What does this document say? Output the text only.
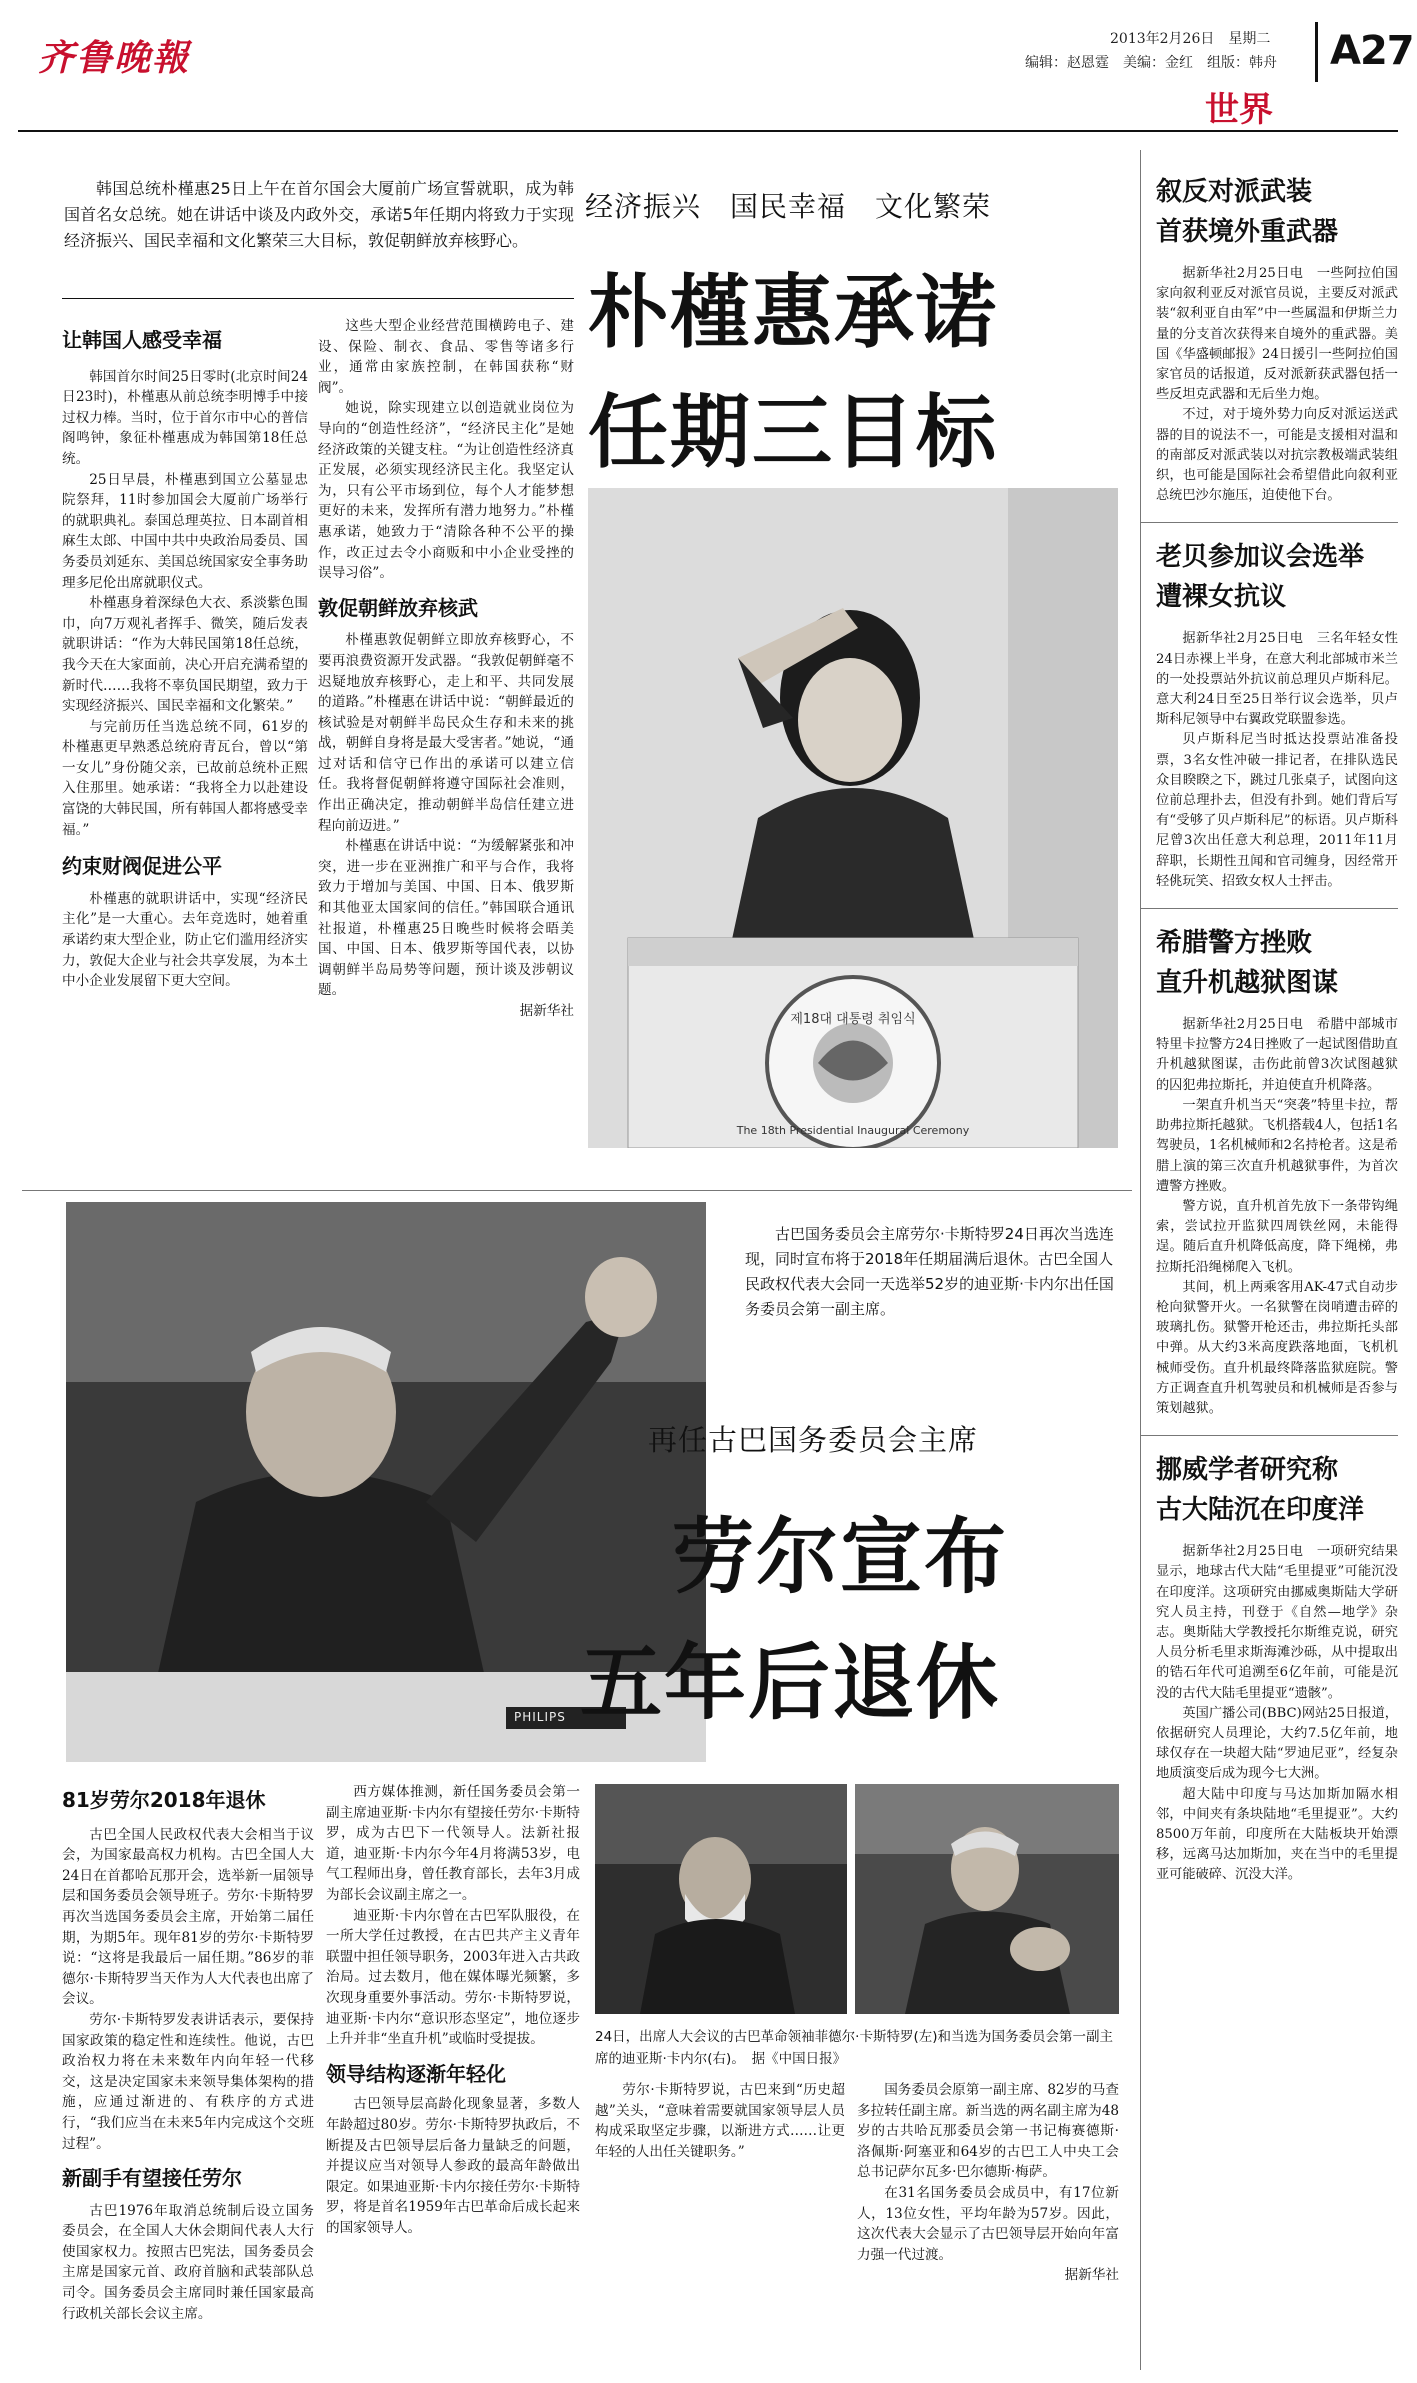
齐鲁晚報	2013年2月26日　星期二
编辑：赵恩霆　美编：金红　组版：韩舟 A27
世界

韩国总统朴槿惠25日上午在首尔国会大厦前广场宣誓就职，成为韩国首名女总统。她在讲话中谈及内政外交，承诺5年任期内将致力于实现经济振兴、国民幸福和文化繁荣三大目标，敦促朝鲜放弃核野心。

经济振兴　国民幸福　文化繁荣
朴槿惠承诺
任期三目标
제18대 대통령 취임식
The 18th Presidential Inaugural Ceremony
让韩国人感受幸福

韩国首尔时间25日零时(北京时间24日23时)，朴槿惠从前总统李明博手中接过权力棒。当时，位于首尔市中心的普信阁鸣钟，象征朴槿惠成为韩国第18任总统。

25日早晨，朴槿惠到国立公墓显忠院祭拜，11时参加国会大厦前广场举行的就职典礼。泰国总理英拉、日本副首相麻生太郎、中国中共中央政治局委员、国务委员刘延东、美国总统国家安全事务助理多尼伦出席就职仪式。

朴槿惠身着深绿色大衣、系淡紫色围巾，向7万观礼者挥手、微笑，随后发表就职讲话：“作为大韩民国第18任总统，我今天在大家面前，决心开启充满希望的新时代……我将不辜负国民期望，致力于实现经济振兴、国民幸福和文化繁荣。”

与完前历任当选总统不同，61岁的朴槿惠更早熟悉总统府青瓦台，曾以“第一女儿”身份随父亲，已故前总统朴正熙入住那里。她承诺：“我将全力以赴建设富饶的大韩民国，所有韩国人都将感受幸福。”

约束财阀促进公平

朴槿惠的就职讲话中，实现“经济民主化”是一大重心。去年竞选时，她着重承诺约束大型企业，防止它们滥用经济实力，敦促大企业与社会共享发展，为本土中小企业发展留下更大空间。

这些大型企业经营范围横跨电子、建设、保险、制衣、食品、零售等诸多行业，通常由家族控制，在韩国获称“财阀”。

她说，除实现建立以创造就业岗位为导向的“创造性经济”，“经济民主化”是她经济政策的关键支柱。“为让创造性经济真正发展，必须实现经济民主化。我坚定认为，只有公平市场到位，每个人才能梦想更好的未来，发挥所有潜力地努力。”朴槿惠承诺，她致力于“清除各种不公平的操作，改正过去令小商贩和中小企业受挫的误导习俗”。

敦促朝鲜放弃核武

朴槿惠敦促朝鲜立即放弃核野心，不要再浪费资源开发武器。“我敦促朝鲜毫不迟疑地放弃核野心，走上和平、共同发展的道路。”朴槿惠在讲话中说：“朝鲜最近的核试验是对朝鲜半岛民众生存和未来的挑战，朝鲜自身将是最大受害者。”她说，“通过对话和信守已作出的承诺可以建立信任。我将督促朝鲜将遵守国际社会准则，作出正确决定，推动朝鲜半岛信任建立进程向前迈进。”

朴槿惠在讲话中说：“为缓解紧张和冲突，进一步在亚洲推广和平与合作，我将致力于增加与美国、中国、日本、俄罗斯和其他亚太国家间的信任。”韩国联合通讯社报道，朴槿惠25日晚些时候将会晤美国、中国、日本、俄罗斯等国代表，以协调朝鲜半岛局势等问题，预计谈及涉朝议题。

据新华社
PHILIPS

古巴国务委员会主席劳尔·卡斯特罗24日再次当选连现，同时宣布将于2018年任期届满后退休。古巴全国人民政权代表大会同一天选举52岁的迪亚斯·卡内尔出任国务委员会第一副主席。

再任古巴国务委员会主席
劳尔宣布
五年后退休
81岁劳尔2018年退休

古巴全国人民政权代表大会相当于议会，为国家最高权力机构。古巴全国人大24日在首都哈瓦那开会，选举新一届领导层和国务委员会领导班子。劳尔·卡斯特罗再次当选国务委员会主席，开始第二届任期，为期5年。现年81岁的劳尔·卡斯特罗说：“这将是我最后一届任期。”86岁的菲德尔·卡斯特罗当天作为人大代表也出席了会议。

劳尔·卡斯特罗发表讲话表示，要保持国家政策的稳定性和连续性。他说，古巴政治权力将在未来数年内向年轻一代移交，这是决定国家未来领导集体架构的措施，应通过渐进的、有秩序的方式进行，“我们应当在未来5年内完成这个交班过程”。

新副手有望接任劳尔

古巴1976年取消总统制后设立国务委员会，在全国人大休会期间代表人大行使国家权力。按照古巴宪法，国务委员会主席是国家元首、政府首脑和武装部队总司令。国务委员会主席同时兼任国家最高行政机关部长会议主席。

西方媒体推测，新任国务委员会第一副主席迪亚斯·卡内尔有望接任劳尔·卡斯特罗，成为古巴下一代领导人。法新社报道，迪亚斯·卡内尔今年4月将满53岁，电气工程师出身，曾任教育部长，去年3月成为部长会议副主席之一。

迪亚斯·卡内尔曾在古巴军队服役，在一所大学任过教授，在古巴共产主义青年联盟中担任领导职务，2003年进入古共政治局。过去数月，他在媒体曝光频繁，多次现身重要外事活动。劳尔·卡斯特罗说，迪亚斯·卡内尔“意识形态坚定”，地位逐步上升并非“坐直升机”或临时受提拔。

领导结构逐渐年轻化

古巴领导层高龄化现象显著，多数人年龄超过80岁。劳尔·卡斯特罗执政后，不断提及古巴领导层后备力量缺乏的问题，并提议应当对领导人参政的最高年龄做出限定。如果迪亚斯·卡内尔接任劳尔·卡斯特罗，将是首名1959年古巴革命后成长起来的国家领导人。

24日，出席人大会议的古巴革命领袖菲德尔·卡斯特罗(左)和当选为国务委员会第一副主席的迪亚斯·卡内尔(右)。　据《中国日报》

劳尔·卡斯特罗说，古巴来到“历史超越”关头，“意味着需要就国家领导层人员构成采取坚定步骤，以渐进方式……让更年轻的人出任关键职务。”

国务委员会原第一副主席、82岁的马查多拉转任副主席。新当选的两名副主席为48岁的古共哈瓦那委员会第一书记梅赛德斯·洛佩斯·阿塞亚和64岁的古巴工人中央工会总书记萨尔瓦多·巴尔德斯·梅萨。

在31名国务委员会成员中，有17位新人，13位女性，平均年龄为57岁。因此，这次代表大会显示了古巴领导层开始向年富力强一代过渡。

据新华社
叙反对派武装
首获境外重武器

据新华社2月25日电　一些阿拉伯国家向叙利亚反对派官员说，主要反对派武装“叙利亚自由军”中一些属温和伊斯兰力量的分支首次获得来自境外的重武器。美国《华盛顿邮报》24日援引一些阿拉伯国家官员的话报道，反对派新获武器包括一些反坦克武器和无后坐力炮。

不过，对于境外势力向反对派运送武器的目的说法不一，可能是支援相对温和的南部反对派武装以对抗宗教极端武装组织，也可能是国际社会希望借此向叙利亚总统巴沙尔施压，迫使他下台。

老贝参加议会选举
遭裸女抗议

据新华社2月25日电　三名年轻女性24日赤裸上半身，在意大利北部城市米兰的一处投票站外抗议前总理贝卢斯科尼。意大利24日至25日举行议会选举，贝卢斯科尼领导中右翼政党联盟参选。

贝卢斯科尼当时抵达投票站准备投票，3名女性冲破一排记者，在排队选民众目睽睽之下，跳过几张桌子，试图向这位前总理扑去，但没有扑到。她们背后写有“受够了贝卢斯科尼”的标语。贝卢斯科尼曾3次出任意大利总理，2011年11月辞职，长期性丑闻和官司缠身，因经常开轻佻玩笑、招致女权人士抨击。

希腊警方挫败
直升机越狱图谋

据新华社2月25日电　希腊中部城市特里卡拉警方24日挫败了一起试图借助直升机越狱图谋，击伤此前曾3次试图越狱的囚犯弗拉斯托，并迫使直升机降落。

一架直升机当天“突袭”特里卡拉，帮助弗拉斯托越狱。飞机搭载4人，包括1名驾驶员，1名机械师和2名持枪者。这是希腊上演的第三次直升机越狱事件，为首次遭警方挫败。

警方说，直升机首先放下一条带钩绳索，尝试拉开监狱四周铁丝网，未能得逞。随后直升机降低高度，降下绳梯，弗拉斯托沿绳梯爬入飞机。

其间，机上两乘客用AK-47式自动步枪向狱警开火。一名狱警在岗哨遭击碎的玻璃扎伤。狱警开枪还击，弗拉斯托头部中弹。从大约3米高度跌落地面，飞机机械师受伤。直升机最终降落监狱庭院。警方正调查直升机驾驶员和机械师是否参与策划越狱。

挪威学者研究称
古大陆沉在印度洋

据新华社2月25日电　一项研究结果显示，地球古代大陆“毛里提亚”可能沉没在印度洋。这项研究由挪威奥斯陆大学研究人员主持，刊登于《自然—地学》杂志。奥斯陆大学教授托尔斯维克说，研究人员分析毛里求斯海滩沙砾，从中提取出的锆石年代可追溯至6亿年前，可能是沉没的古代大陆毛里提亚“遗骸”。

英国广播公司(BBC)网站25日报道，依据研究人员理论，大约7.5亿年前，地球仅存在一块超大陆“罗迪尼亚”，经复杂地质演变后成为现今七大洲。

超大陆中印度与马达加斯加隔水相邻，中间夹有条块陆地“毛里提亚”。大约8500万年前，印度所在大陆板块开始漂移，远离马达加斯加，夹在当中的毛里提亚可能破碎、沉没大洋。
